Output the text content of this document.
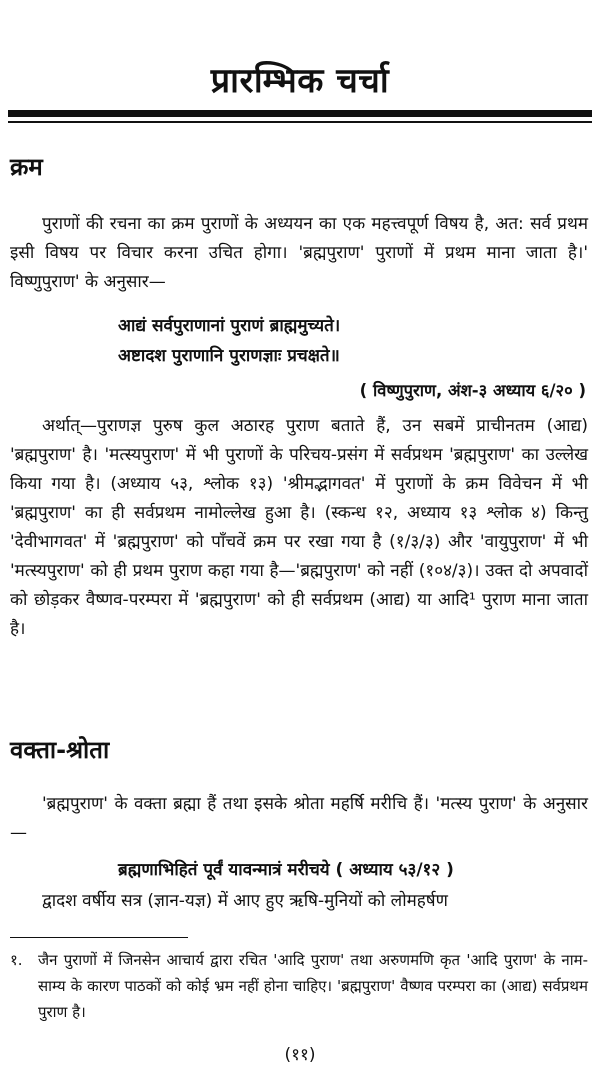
प्रारम्भिक चर्चा
क्रम

पुराणों की रचना का क्रम पुराणों के अध्ययन का एक महत्त्वपूर्ण विषय है, अत: सर्व प्रथम इसी विषय पर विचार करना उचित होगा। 'ब्रह्मपुराण' पुराणों में प्रथम माना जाता है।' विष्णुपुराण' के अनुसार—

आद्यं सर्वपुराणानां पुराणं ब्राह्ममुच्यते।
अष्टादश पुराणानि पुराणज्ञाः प्रचक्षते॥
( विष्णुपुराण, अंश-३ अध्याय ६/२० )

अर्थात्—पुराणज्ञ पुरुष कुल अठारह पुराण बताते हैं, उन सबमें प्राचीनतम (आद्य) 'ब्रह्मपुराण' है। 'मत्स्यपुराण' में भी पुराणों के परिचय-प्रसंग में सर्वप्रथम 'ब्रह्मपुराण' का उल्लेख किया गया है। (अध्याय ५३, श्लोक १३) 'श्रीमद्भागवत' में पुराणों के क्रम विवेचन में भी 'ब्रह्मपुराण' का ही सर्वप्रथम नामोल्लेख हुआ है। (स्कन्ध १२, अध्याय १३ श्लोक ४) किन्तु 'देवीभागवत' में 'ब्रह्मपुराण' को पाँचवें क्रम पर रखा गया है (१/३/३) और 'वायुपुराण' में भी 'मत्स्यपुराण' को ही प्रथम पुराण कहा गया है—'ब्रह्मपुराण' को नहीं (१०४/३)। उक्त दो अपवादों को छोड़कर वैष्णव-परम्परा में 'ब्रह्मपुराण' को ही सर्वप्रथम (आद्य) या आदि¹ पुराण माना जाता है।

वक्ता-श्रोता

'ब्रह्मपुराण' के वक्ता ब्रह्मा हैं तथा इसके श्रोता महर्षि मरीचि हैं। 'मत्स्य पुराण' के अनुसार—

ब्रह्मणाभिहितं पूर्वं यावन्मात्रं मरीचये ( अध्याय ५३/१२ )

द्वादश वर्षीय सत्र (ज्ञान-यज्ञ) में आए हुए ऋषि-मुनियों को लोमहर्षण

१.	जैन पुराणों में जिनसेन आचार्य द्वारा रचित 'आदि पुराण' तथा अरुणमणि कृत 'आदि पुराण' के नाम-साम्य के कारण पाठकों को कोई भ्रम नहीं होना चाहिए। 'ब्रह्मपुराण' वैष्णव परम्परा का (आद्य) सर्वप्रथम पुराण है।
(११)
